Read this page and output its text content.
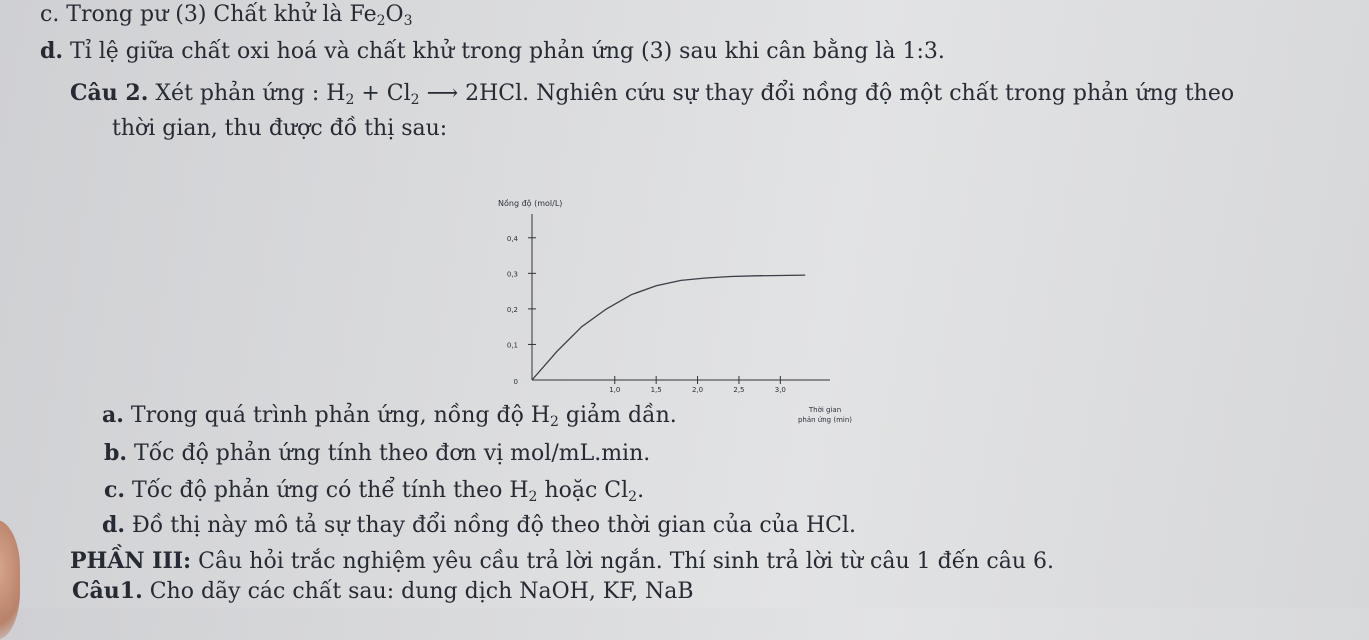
c. Trong pư (3) Chất khử là $Fe_2O_3$
d. Tỉ lệ giữa chất oxi hoá và chất khử trong phản ứng (3) sau khi cân bằng là 1:3.
Câu 2. Xét phản ứng : $H_2 + Cl_2$ ⟶ 2HCl. Nghiên cứu sự thay đổi nồng độ một chất trong phản ứng theo
thời gian, thu được đồ thị sau:
0,1
0,2
0,3
0,4
1,0	1,5	2,0	2,5	3,0
0
Nồng độ (mol/L)
Thời gian
phản ứng (min)
a. Trong quá trình phản ứng, nồng độ $H_2$ giảm dần.
b. Tốc độ phản ứng tính theo đơn vị mol/mL.min.
c. Tốc độ phản ứng có thể tính theo $H_2$ hoặc $Cl_2$.
d. Đồ thị này mô tả sự thay đổi nồng độ theo thời gian của của HCl.
PHẦN III: Câu hỏi trắc nghiệm yêu cầu trả lời ngắn. Thí sinh trả lời từ câu 1 đến câu 6.
Câu1. Cho dãy các chất sau: dung dịch NaOH, KF, NaB
